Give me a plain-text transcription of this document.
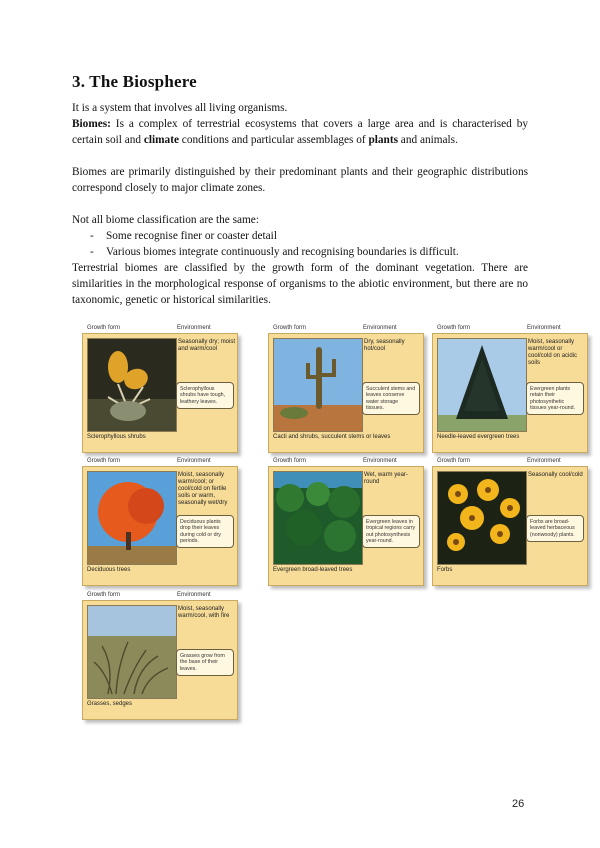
3. The Biosphere

It is a system that involves all living organisms.

Biomes: Is a complex of terrestrial ecosystems that covers a large area and is characterised by certain soil and climate conditions and particular assemblages of plants and animals.

Biomes are primarily distinguished by their predominant plants and their geographic distributions correspond closely to major climate zones.

Not all biome classification are the same:

- Some recognise finer or coaster detail

- Various biomes integrate continuously and recognising boundaries is difficult.

Terrestrial biomes are classified by the growth form of the dominant vegetation. There are similarities in the morphological response of organisms to the abiotic environment, but there are no taxonomic, genetic or historical similarities.

Growth form	Environment
Seasonally dry; moist and warm/cool
Sclerophyllous shrubs have tough, leathery leaves.
Sclerophyllous shrubs
Growth form	Environment
Dry, seasonally hot/cool
Succulent stems and leaves conserve water storage tissues.
Cacti and shrubs, succulent stems or leaves
Growth form	Environment
Moist, seasonally warm/cool or cool/cold on acidic soils
Evergreen plants retain their photosynthetic tissues year-round.
Needle-leaved evergreen trees
Growth form	Environment
Moist, seasonally warm/cool; or cool/cold on fertile soils or warm, seasonally wet/dry
Deciduous plants drop their leaves during cold or dry periods.
Deciduous trees
Growth form	Environment
Wet, warm year-round
Evergreen leaves in tropical regions carry out photosynthesis year-round.
Evergreen broad-leaved trees
Growth form	Environment
Seasonally cool/cold
Forbs are broad-leaved herbaceous (nonwoody) plants.
Forbs
Growth form	Environment
Moist, seasonally warm/cool, with fire
Grasses grow from the base of their leaves.
Grasses, sedges
26
